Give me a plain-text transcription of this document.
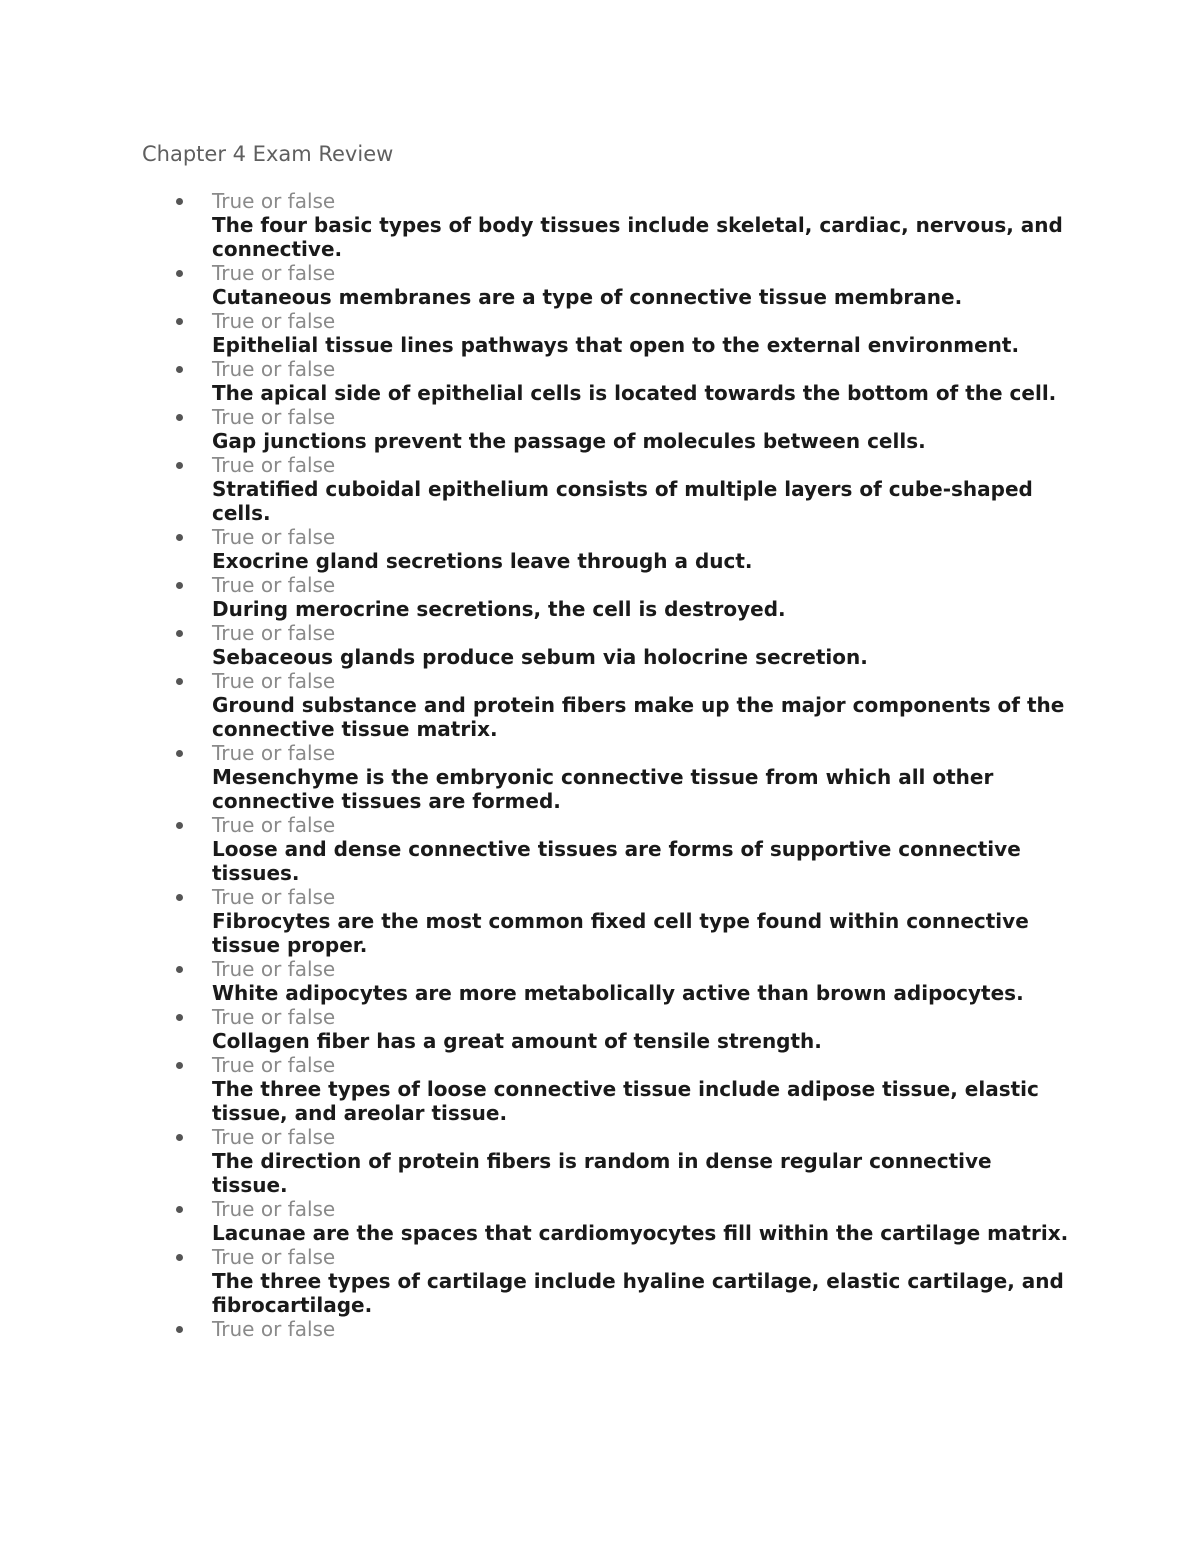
Chapter 4 Exam Review
True or false
The four basic types of body tissues include skeletal, cardiac, nervous, and connective.
True or false
Cutaneous membranes are a type of connective tissue membrane.
True or false
Epithelial tissue lines pathways that open to the external environment.
True or false
The apical side of epithelial cells is located towards the bottom of the cell.
True or false
Gap junctions prevent the passage of molecules between cells.
True or false
Stratified cuboidal epithelium consists of multiple layers of cube-shaped cells.
True or false
Exocrine gland secretions leave through a duct.
True or false
During merocrine secretions, the cell is destroyed.
True or false
Sebaceous glands produce sebum via holocrine secretion.
True or false
Ground substance and protein fibers make up the major components of the connective tissue matrix.
True or false
Mesenchyme is the embryonic connective tissue from which all other connective tissues are formed.
True or false
Loose and dense connective tissues are forms of supportive connective tissues.
True or false
Fibrocytes are the most common fixed cell type found within connective tissue proper.
True or false
White adipocytes are more metabolically active than brown adipocytes.
True or false
Collagen fiber has a great amount of tensile strength.
True or false
The three types of loose connective tissue include adipose tissue, elastic tissue, and areolar tissue.
True or false
The direction of protein fibers is random in dense regular connective tissue.
True or false
Lacunae are the spaces that cardiomyocytes fill within the cartilage matrix.
True or false
The three types of cartilage include hyaline cartilage, elastic cartilage, and fibrocartilage.
True or false
